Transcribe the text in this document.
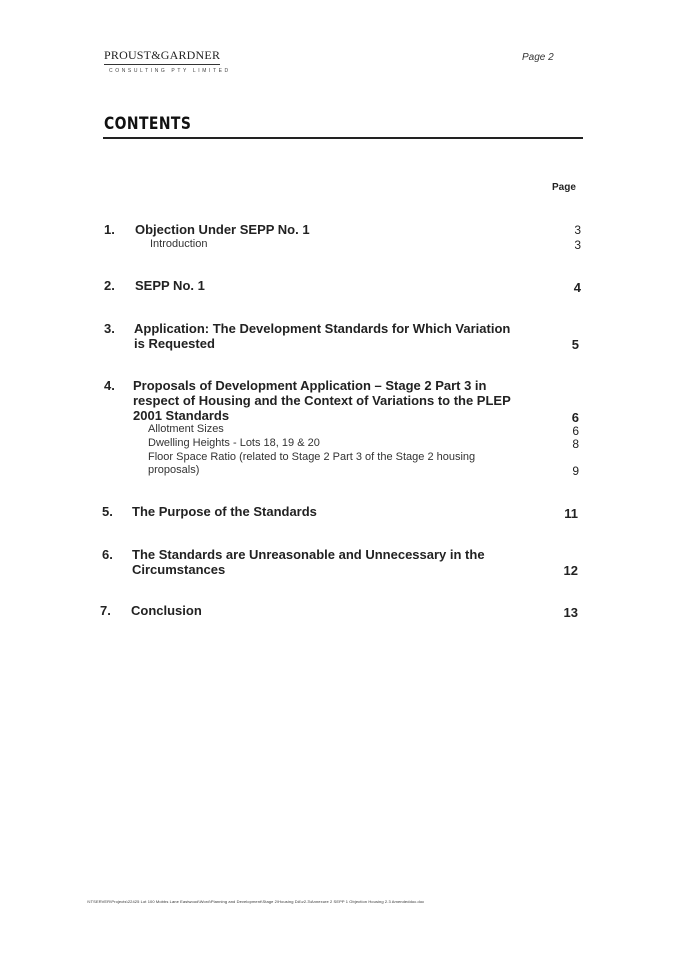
PROUST&GARDNER
CONSULTING PTY LIMITED
Page 2
CONTENTS
Page
1. Objection Under SEPP No. 1	3
Introduction	3
2. SEPP No. 1	4
3. Application: The Development Standards for Which Variation
is Requested	5
4. Proposals of Development Application – Stage 2 Part 3 in
respect of Housing and the Context of Variations to the PLEP
2001 Standards	6
Allotment Sizes	6
Dwelling Heights - Lots 18, 19 & 20	8
Floor Space Ratio (related to Stage 2 Part 3 of the Stage 2 housing
proposals)	9
5. The Purpose of the Standards	11
6. The Standards are Unreasonable and Unnecessary in the
Circumstances	12
7. Conclusion	13
\\ITSERVER\Projects\22425 Lot 100 Mobbs Lane Eastwood\Word\Planning and Development\Stage 2\Housing DA\v2.3\Annexure 2 SEPP 1 Objection Housing 2.3 Amendeddoc.doc
